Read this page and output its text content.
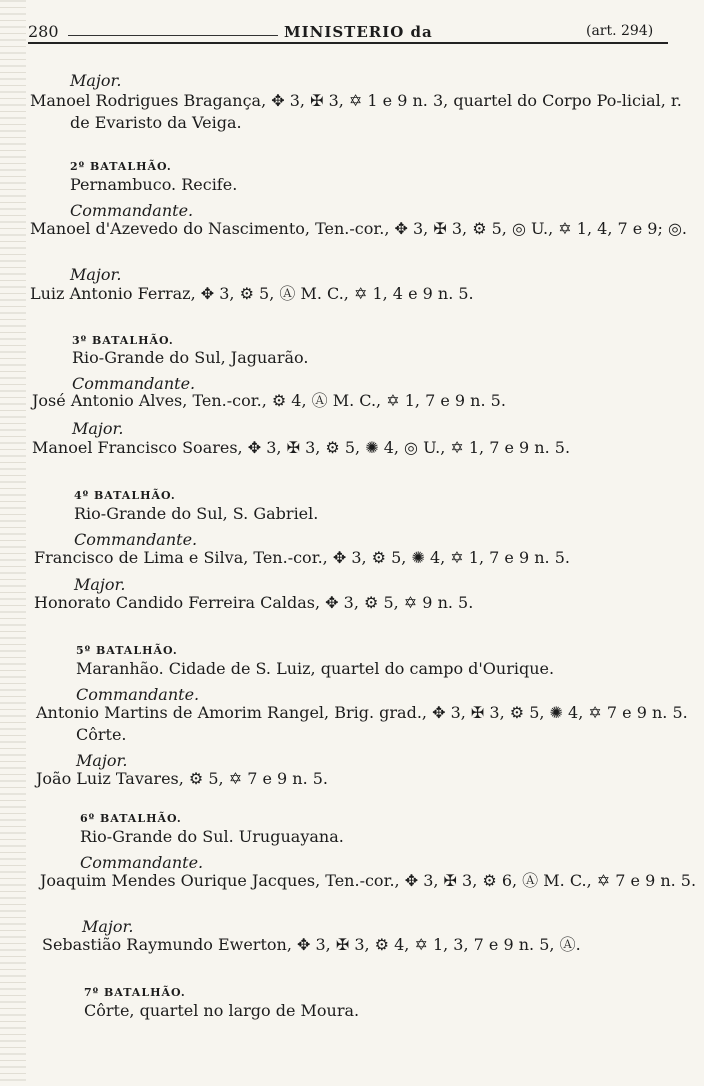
280	MINISTERIO da	(art. 294)
Major.
Manoel Rodrigues Bragança, ✥ 3, ✠ 3, ✡ 1 e 9 n. 3, quartel do Corpo Po-licial, r. de Evaristo da Veiga.
2º BATALHÃO.
Pernambuco. Recife.
Commandante.
Manoel d'Azevedo do Nascimento, Ten.-cor., ✥ 3, ✠ 3, ⚙ 5, ◎ U., ✡ 1, 4, 7 e 9; ◎.
Major.
Luiz Antonio Ferraz, ✥ 3, ⚙ 5, Ⓐ M. C., ✡ 1, 4 e 9 n. 5.
3º BATALHÃO.
Rio-Grande do Sul, Jaguarão.
Commandante.
José Antonio Alves, Ten.-cor., ⚙ 4, Ⓐ M. C., ✡ 1, 7 e 9 n. 5.
Major.
Manoel Francisco Soares, ✥ 3, ✠ 3, ⚙ 5, ✺ 4, ◎ U., ✡ 1, 7 e 9 n. 5.
4º BATALHÃO.
Rio-Grande do Sul, S. Gabriel.
Commandante.
Francisco de Lima e Silva, Ten.-cor., ✥ 3, ⚙ 5, ✺ 4, ✡ 1, 7 e 9 n. 5.
Major.
Honorato Candido Ferreira Caldas, ✥ 3, ⚙ 5, ✡ 9 n. 5.
5º BATALHÃO.
Maranhão. Cidade de S. Luiz, quartel do campo d'Ourique.
Commandante.
Antonio Martins de Amorim Rangel, Brig. grad., ✥ 3, ✠ 3, ⚙ 5, ✺ 4, ✡ 7 e 9 n. 5. Côrte.
Major.
João Luiz Tavares, ⚙ 5, ✡ 7 e 9 n. 5.
6º BATALHÃO.
Rio-Grande do Sul. Uruguayana.
Commandante.
Joaquim Mendes Ourique Jacques, Ten.-cor., ✥ 3, ✠ 3, ⚙ 6, Ⓐ M. C., ✡ 7 e 9 n. 5.
Major.
Sebastião Raymundo Ewerton, ✥ 3, ✠ 3, ⚙ 4, ✡ 1, 3, 7 e 9 n. 5, Ⓐ.
7º BATALHÃO.
Côrte, quartel no largo de Moura.
